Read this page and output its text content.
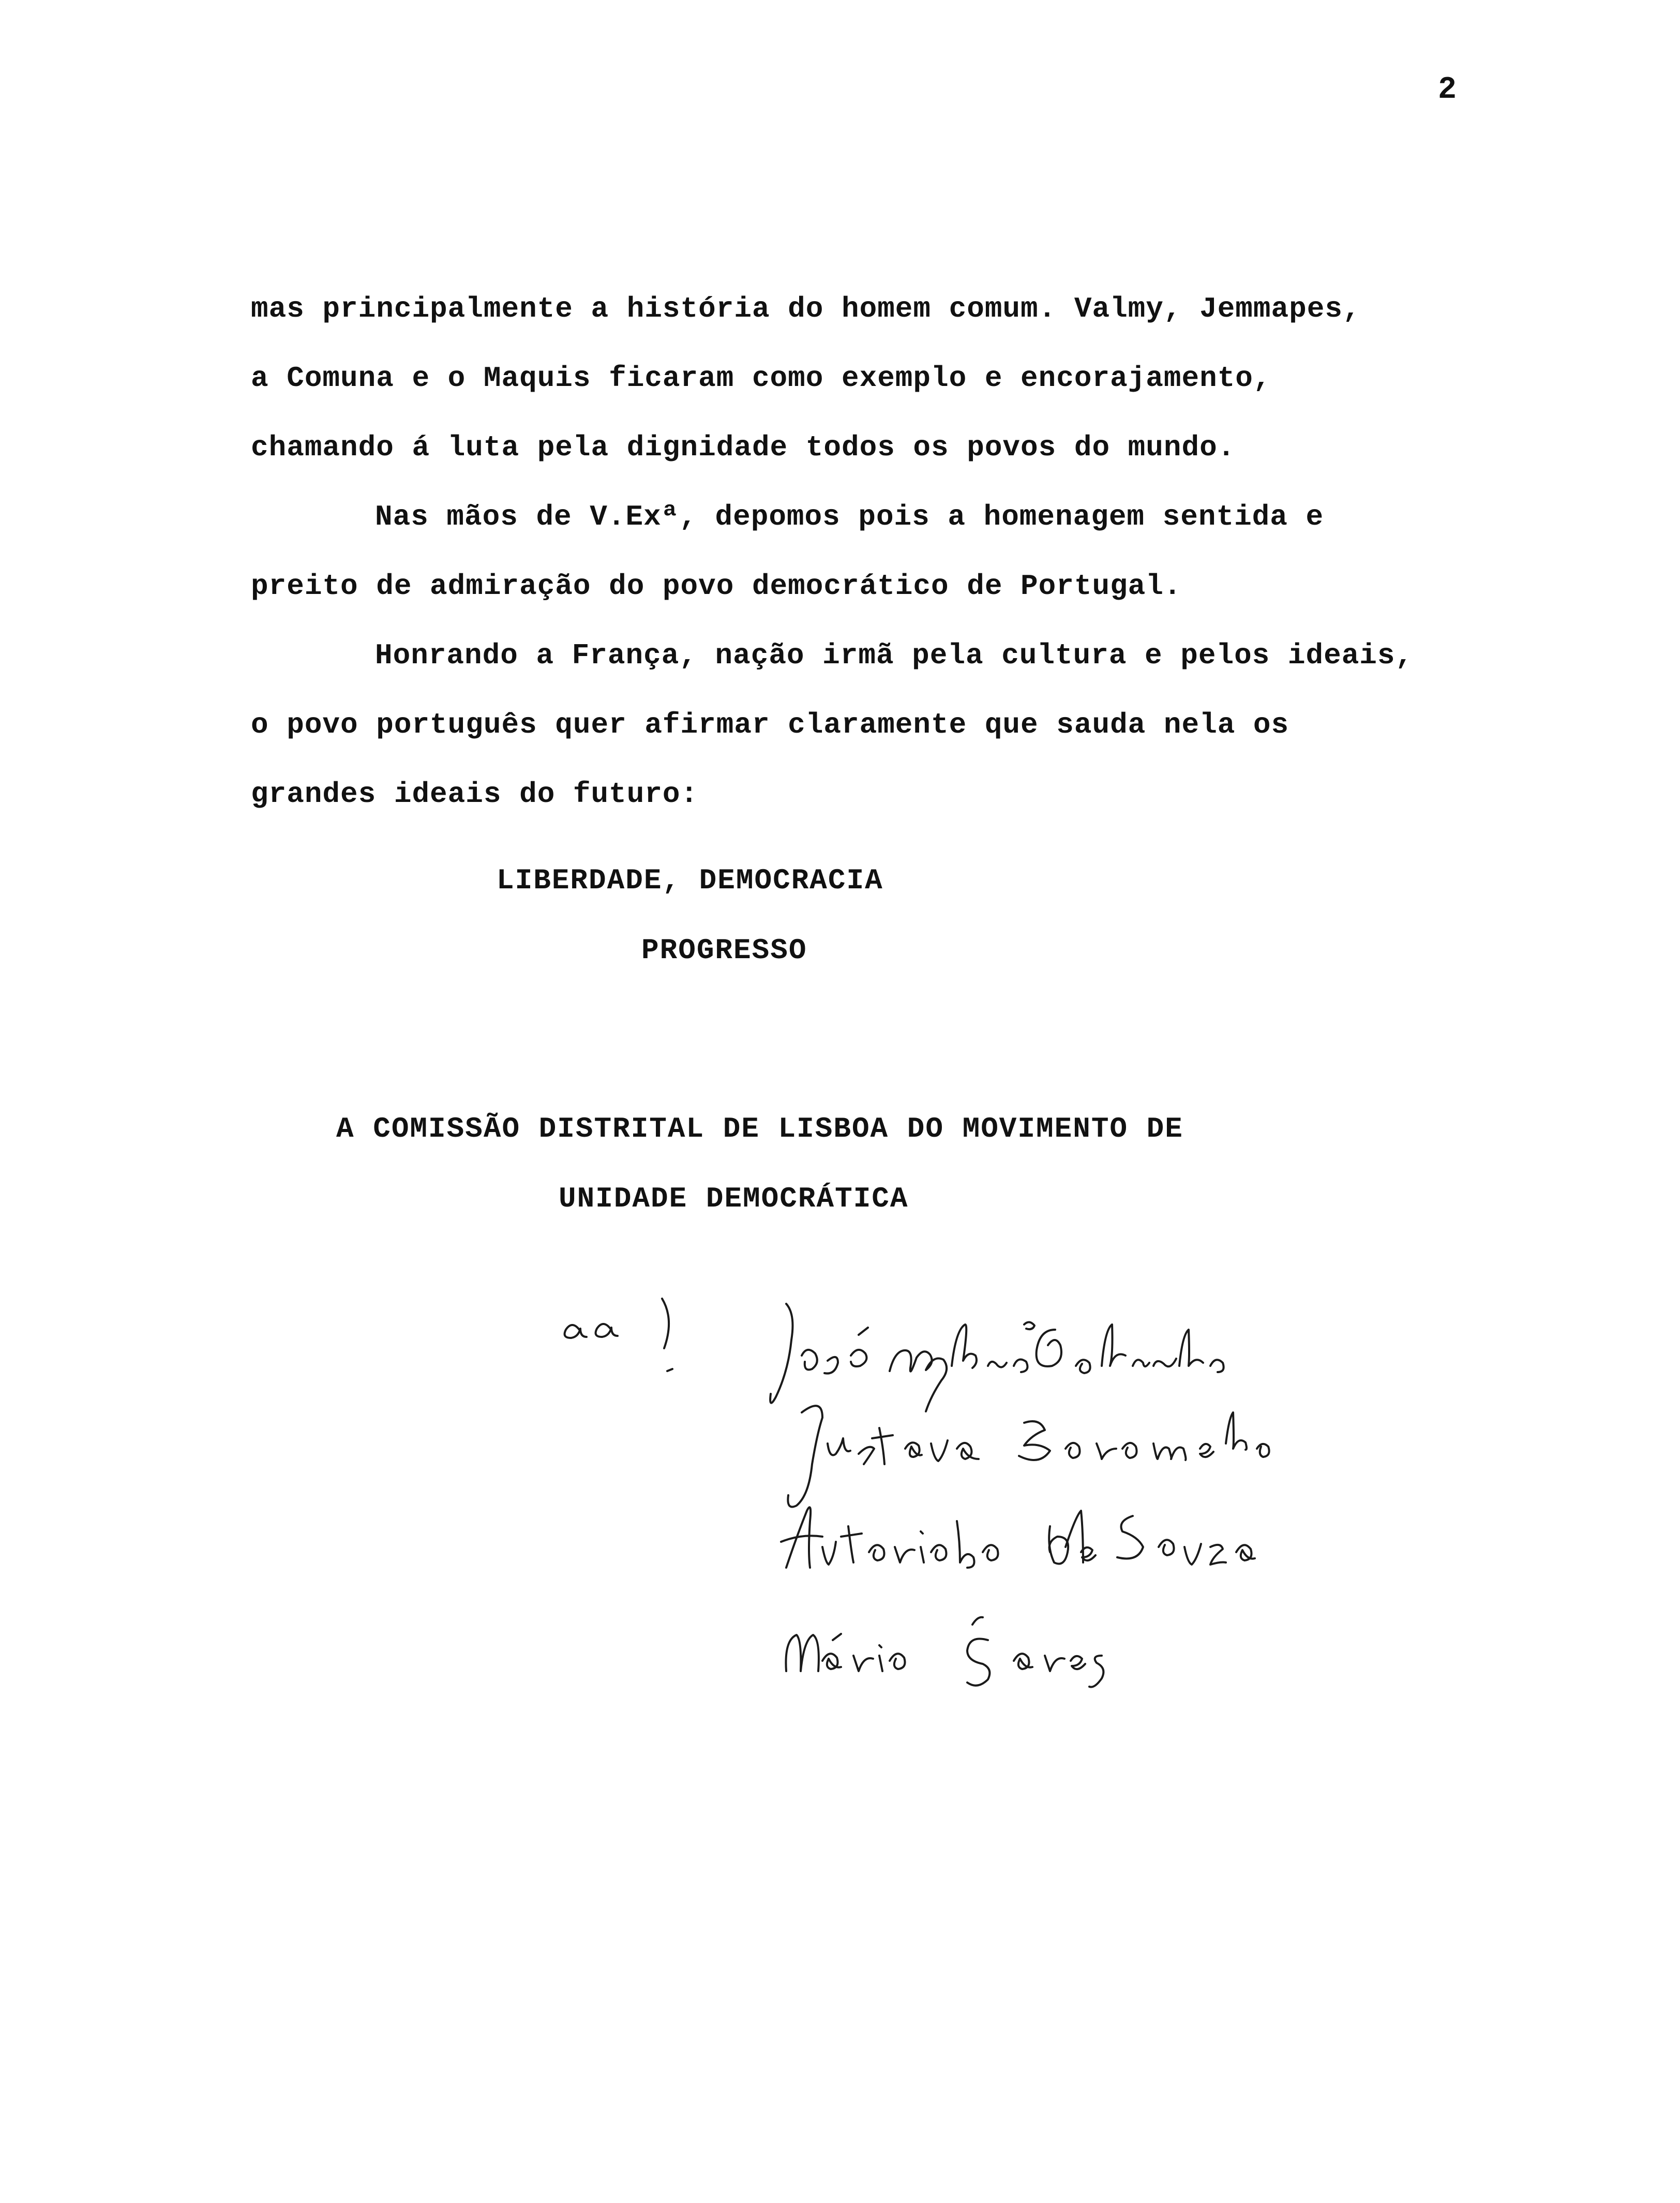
2
mas principalmente a história do homem comum. Valmy, Jemmapes,
a Comuna e o Maquis ficaram como exemplo e encorajamento,
chamando á luta pela dignidade todos os povos do mundo.
Nas mãos de V.Exª, depomos pois a homenagem sentida e
preito de admiração do povo democrático de Portugal.
Honrando a França, nação irmã pela cultura e pelos ideais,
o povo português quer afirmar claramente que sauda nela os
grandes ideais do futuro:
LIBERDADE, DEMOCRACIA
PROGRESSO
A COMISSÃO DISTRITAL DE LISBOA DO MOVIMENTO DE
UNIDADE DEMOCRÁTICA
